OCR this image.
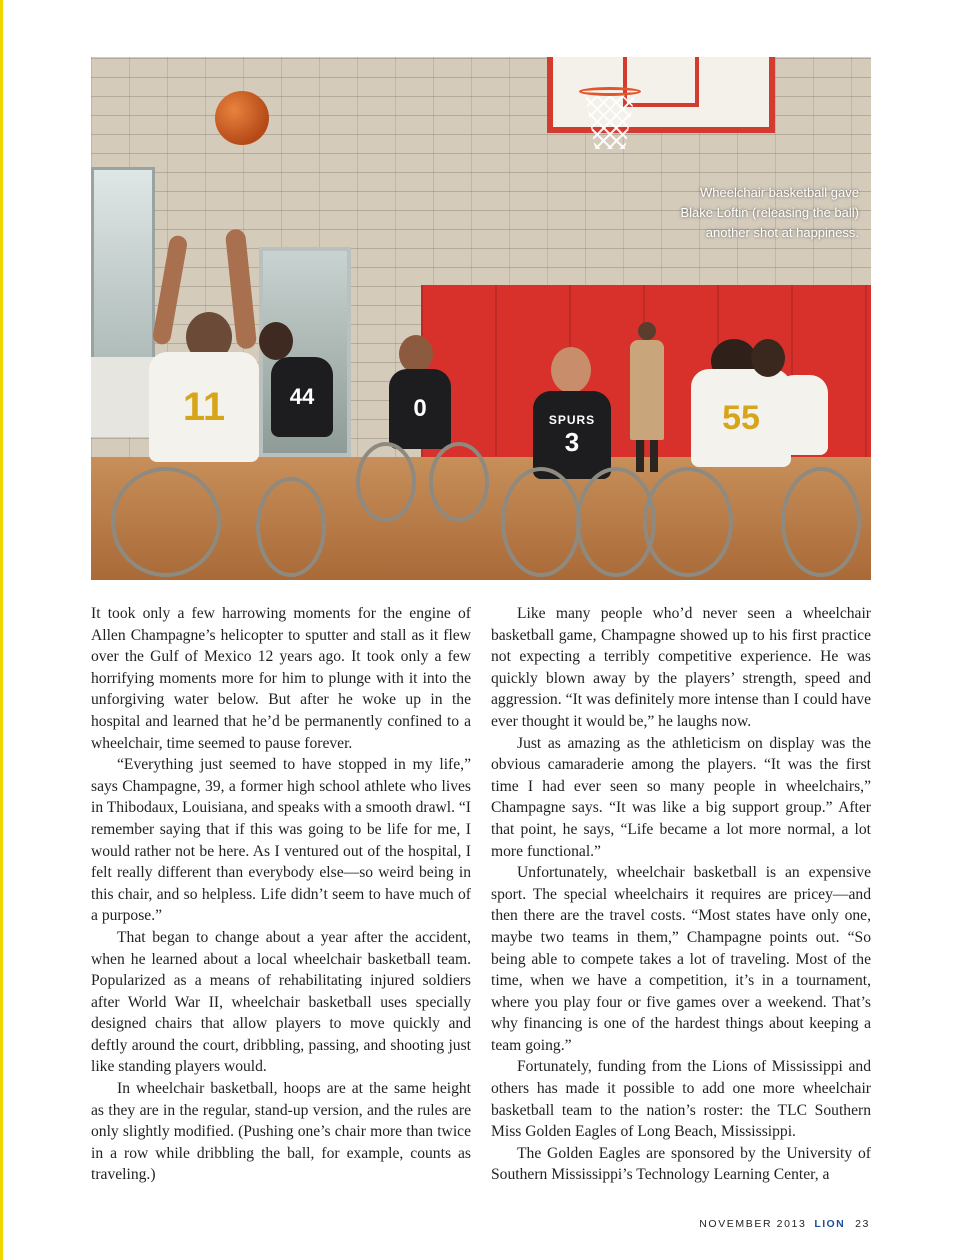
11	44	0	SPURS
3
55
Wheelchair basketball gave
Blake Loftin (releasing the ball)
another shot at happiness.

It took only a few harrowing moments for the engine of Allen Champagne’s helicopter to sputter and stall as it flew over the Gulf of Mexico 12 years ago. It took only a few horrifying moments more for him to plunge with it into the unforgiving water below. But after he woke up in the hospital and learned that he’d be permanently confined to a wheelchair, time seemed to pause forever.

“Everything just seemed to have stopped in my life,” says Champagne, 39, a former high school athlete who lives in Thibodaux, Louisiana, and speaks with a smooth drawl. “I remember saying that if this was going to be life for me, I would rather not be here. As I ventured out of the hospital, I felt really different than everybody else—so weird being in this chair, and so helpless. Life didn’t seem to have much of a purpose.”

That began to change about a year after the accident, when he learned about a local wheelchair basketball team. Popularized as a means of rehabilitating injured soldiers after World War II, wheelchair basketball uses specially designed chairs that allow players to move quickly and deftly around the court, dribbling, passing, and shooting just like standing players would.

In wheelchair basketball, hoops are at the same height as they are in the regular, stand-up version, and the rules are only slightly modified. (Pushing one’s chair more than twice in a row while dribbling the ball, for example, counts as traveling.)

Like many people who’d never seen a wheelchair basketball game, Champagne showed up to his first practice not expecting a terribly competitive experience. He was quickly blown away by the players’ strength, speed and aggression. “It was definitely more intense than I could have ever thought it would be,” he laughs now.

Just as amazing as the athleticism on display was the obvious camaraderie among the players. “It was the first time I had ever seen so many people in wheelchairs,” Champagne says. “It was like a big support group.” After that point, he says, “Life became a lot more normal, a lot more functional.”

Unfortunately, wheelchair basketball is an expensive sport. The special wheelchairs it requires are pricey—and then there are the travel costs. “Most states have only one, maybe two teams in them,” Champagne points out. “So being able to compete takes a lot of traveling. Most of the time, when we have a competition, it’s in a tournament, where you play four or five games over a weekend. That’s why financing is one of the hardest things about keeping a team going.”

Fortunately, funding from the Lions of Mississippi and others has made it possible to add one more wheelchair basketball team to the nation’s roster: the TLC Southern Miss Golden Eagles of Long Beach, Mississippi.

The Golden Eagles are sponsored by the University of Southern Mississippi’s Technology Learning Center, a

NOVEMBER 2013 LION 23
